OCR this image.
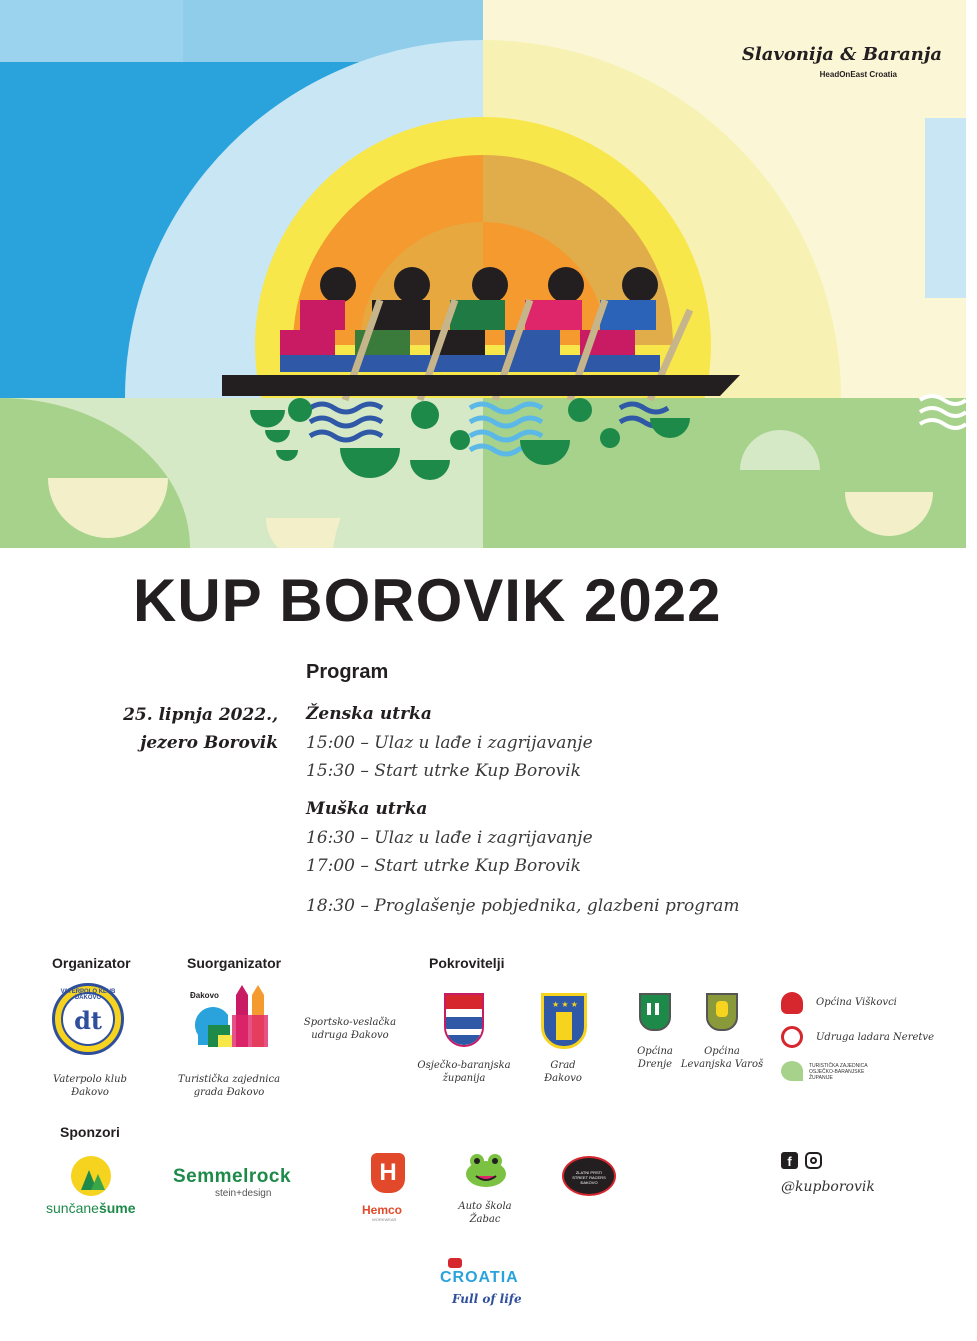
Slavonija & Baranja
HeadOnEast Croatia
KUP BOROVIK 2022
25. lipnja 2022.,
jezero Borovik
Program
Ženska utrka
15:00 – Ulaz u lađe i zagrijavanje
15:30 – Start utrke Kup Borovik
Muška utrka
16:30 – Ulaz u lađe i zagrijavanje
17:00 – Start utrke Kup Borovik
18:30 – Proglašenje pobjednika, glazbeni program
Organizator	Suorganizator	Pokrovitelji
Sponzori
VATERPOLO KLUB ĐAKOVO
dt
Vaterpolo klub
Đakovo
Đakovo
Turistička zajednica
grada Đakovo
Sportsko-veslačka
udruga Đakovo
Osječko-baranjska
županija
★ ★ ★
Grad
Đakovo
Općina
Drenje
Općina
Levanjska Varoš
Općina Viškovci
Udruga ladara Neretve
TURISTIČKA ZAJEDNICA
OSJEČKO-BARANJSKE
ŽUPANIJE
sunčanešume
Semmelrock
stein+design
H
Hemco
WORKWEAR
Auto škola
Žabac
ZLATNI PRSTI
STREET RACERS
ĐAKOVO
f
@kupborovik
CROATIA
Full of life
